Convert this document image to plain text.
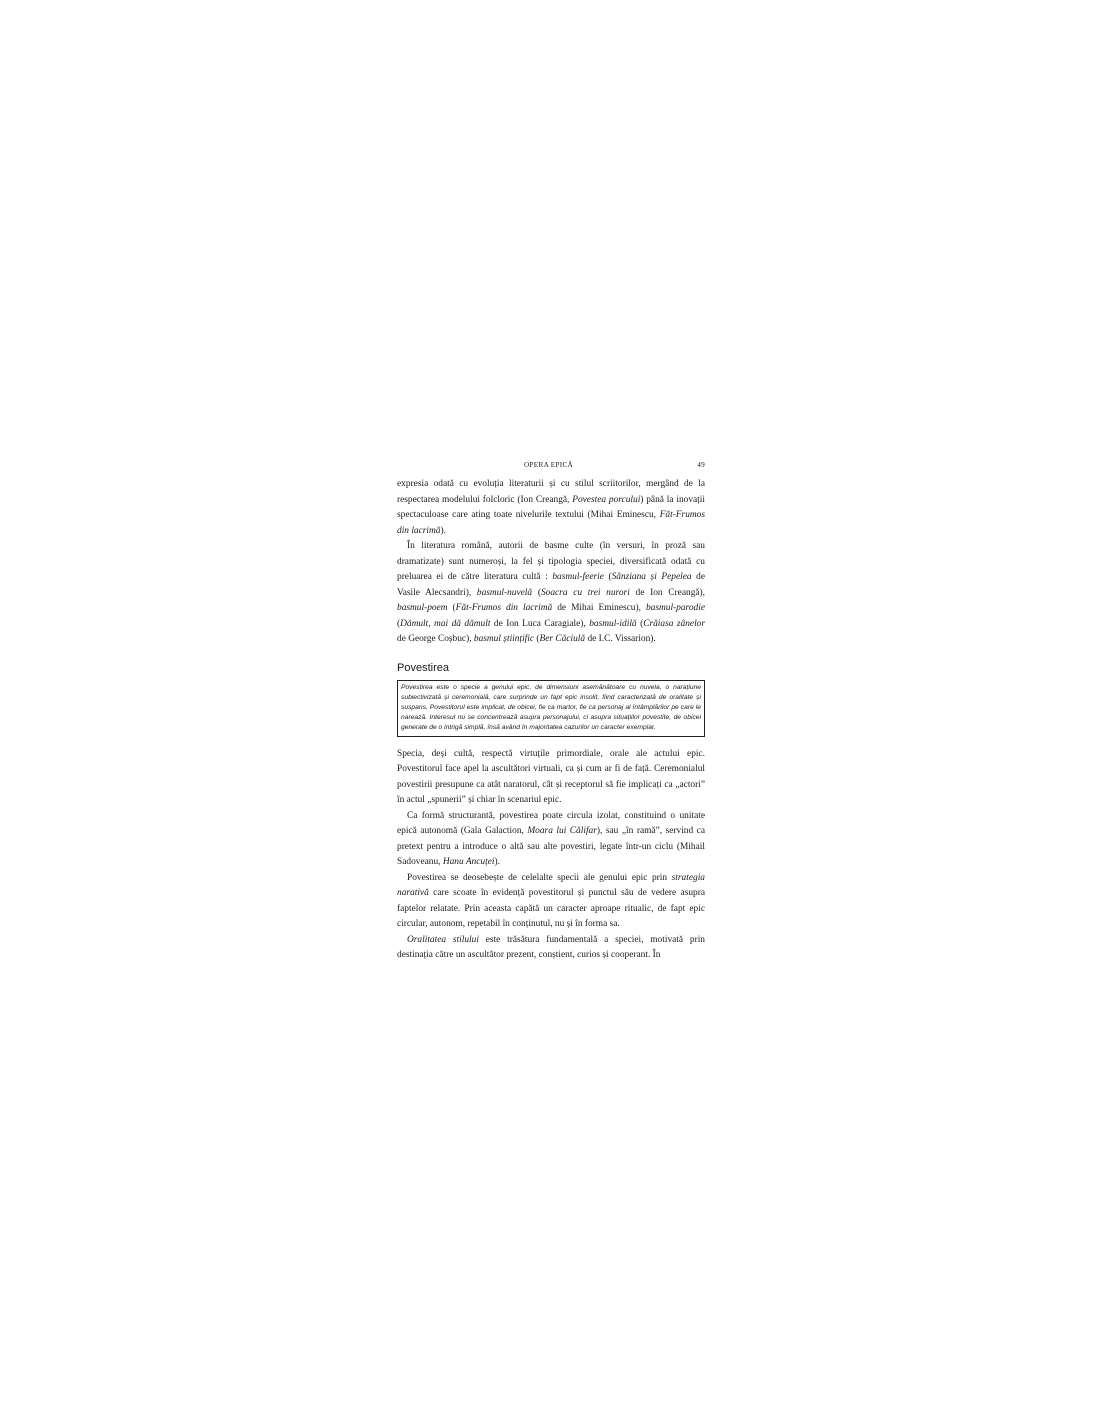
OPERA EPICĂ	49

expresia odată cu evoluția literaturii și cu stilul scriitorilor, mergând de la respectarea modelului folcloric (Ion Creangă, Povestea porcului) până la inovații spectaculoase care ating toate nivelurile textului (Mihai Eminescu, Făt-Frumos din lacrimă).

În literatura română, autorii de basme culte (în versuri, în proză sau dramatizate) sunt numeroși, la fel și tipologia speciei, diversificată odată cu preluarea ei de către literatura cultă : basmul-feerie (Sânziana și Pepelea de Vasile Alecsandri), basmul-nuvelă (Soacra cu trei nurori de Ion Creangă), basmul-poem (Făt-Frumos din lacrimă de Mihai Eminescu), basmul-parodie (Dămult, mai dă dămult de Ion Luca Caragiale), basmul-idilă (Crăiasa zânelor de George Coșbuc), basmul științific (Ber Căciulă de I.C. Vissarion).

Povestirea
Povestirea este o specie a genului epic, de dimensiuni asemănătoare cu nuvela, o narațiune subiectivizată și ceremonială, care surprinde un fapt epic insolit, fiind caracterizată de oralitate și suspans. Povestitorul este implicat, de obicei, fie ca martor, fie ca personaj al întâmplărilor pe care le narează. Interesul nu se concentrează asupra personajului, ci asupra situațiilor povestite, de obicei generate de o intrigă simplă, însă având în majoritatea cazurilor un caracter exemplar.

Specia, deși cultă, respectă virtuțile primordiale, orale ale actului epic. Povestitorul face apel la ascultători virtuali, ca și cum ar fi de față. Ceremonialul povestirii presupune ca atât naratorul, cât și receptorul să fie implicați ca „actori” în actul „spunerii” și chiar în scenariul epic.

Ca formă structurantă, povestirea poate circula izolat, constituind o unitate epică autonomă (Gala Galaction, Moara lui Călifar), sau „în ramă”, servind ca pretext pentru a introduce o altă sau alte povestiri, legate într-un ciclu (Mihail Sadoveanu, Hanu Ancuței).

Povestirea se deosebește de celelalte specii ale genului epic prin strategia narativă care scoate în evidență povestitorul și punctul său de vedere asupra faptelor relatate. Prin aceasta capătă un caracter aproape ritualic, de fapt epic circular, autonom, repetabil în conținutul, nu și în forma sa.

Oralitatea stilului este trăsătura fundamentală a speciei, motivată prin destinația către un ascultător prezent, conștient, curios și cooperant. În
